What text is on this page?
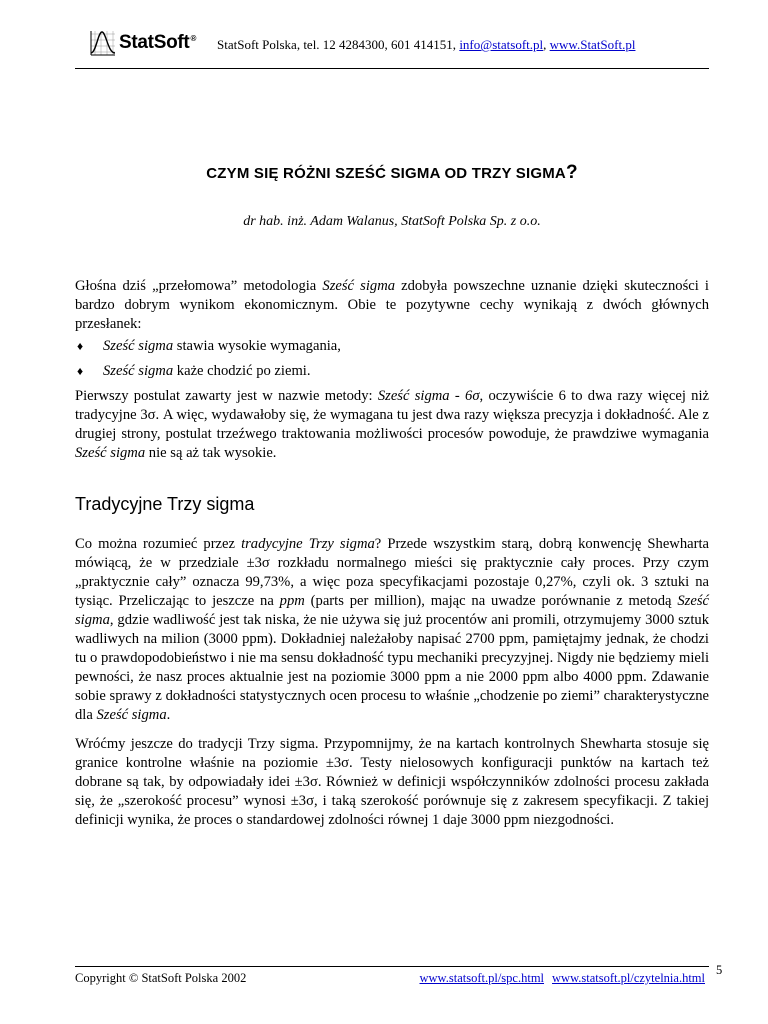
StatSoft® StatSoft Polska, tel. 12 4284300, 601 414151, info@statsoft.pl, www.StatSoft.pl
CZYM SIĘ RÓŻNI SZEŚĆ SIGMA OD TRZY SIGMA?
dr hab. inż. Adam Walanus, StatSoft Polska Sp. z o.o.

Głośna dziś „przełomowa” metodologia Sześć sigma zdobyła powszechne uznanie dzięki skuteczności i bardzo dobrym wynikom ekonomicznym. Obie te pozytywne cechy wynikają z dwóch głównych przesłanek:

♦ Sześć sigma stawia wysokie wymagania,
♦ Sześć sigma każe chodzić po ziemi.

Pierwszy postulat zawarty jest w nazwie metody: Sześć sigma - 6σ, oczywiście 6 to dwa razy więcej niż tradycyjne 3σ. A więc, wydawałoby się, że wymagana tu jest dwa razy większa precyzja i dokładność. Ale z drugiej strony, postulat trzeźwego traktowania możliwości procesów powoduje, że prawdziwe wymagania Sześć sigma nie są aż tak wysokie.

Tradycyjne Trzy sigma

Co można rozumieć przez tradycyjne Trzy sigma? Przede wszystkim starą, dobrą konwencję Shewharta mówiącą, że w przedziale ±3σ rozkładu normalnego mieści się praktycznie cały proces. Przy czym „praktycznie cały” oznacza 99,73%, a więc poza specyfikacjami pozostaje 0,27%, czyli ok. 3 sztuki na tysiąc. Przeliczając to jeszcze na ppm (parts per million), mając na uwadze porównanie z metodą Sześć sigma, gdzie wadliwość jest tak niska, że nie używa się już procentów ani promili, otrzymujemy 3000 sztuk wadliwych na milion (3000 ppm). Dokładniej należałoby napisać 2700 ppm, pamiętajmy jednak, że chodzi tu o prawdopodobieństwo i nie ma sensu dokładność typu mechaniki precyzyjnej. Nigdy nie będziemy mieli pewności, że nasz proces aktualnie jest na poziomie 3000 ppm a nie 2000 ppm albo 4000 ppm. Zdawanie sobie sprawy z dokładności statystycznych ocen procesu to właśnie „chodzenie po ziemi” charakterystyczne dla Sześć sigma.

Wróćmy jeszcze do tradycji Trzy sigma. Przypomnijmy, że na kartach kontrolnych Shewharta stosuje się granice kontrolne właśnie na poziomie ±3σ. Testy nielosowych konfiguracji punktów na kartach też dobrane są tak, by odpowiadały idei ±3σ. Również w definicji współczynników zdolności procesu zakłada się, że „szerokość procesu” wynosi ±3σ, i taką szerokość porównuje się z zakresem specyfikacji. Z takiej definicji wynika, że proces o standardowej zdolności równej 1 daje 3000 ppm niezgodności.

Copyright © StatSoft Polska 2002	www.statsoft.pl/spc.html www.statsoft.pl/czytelnia.html
5
